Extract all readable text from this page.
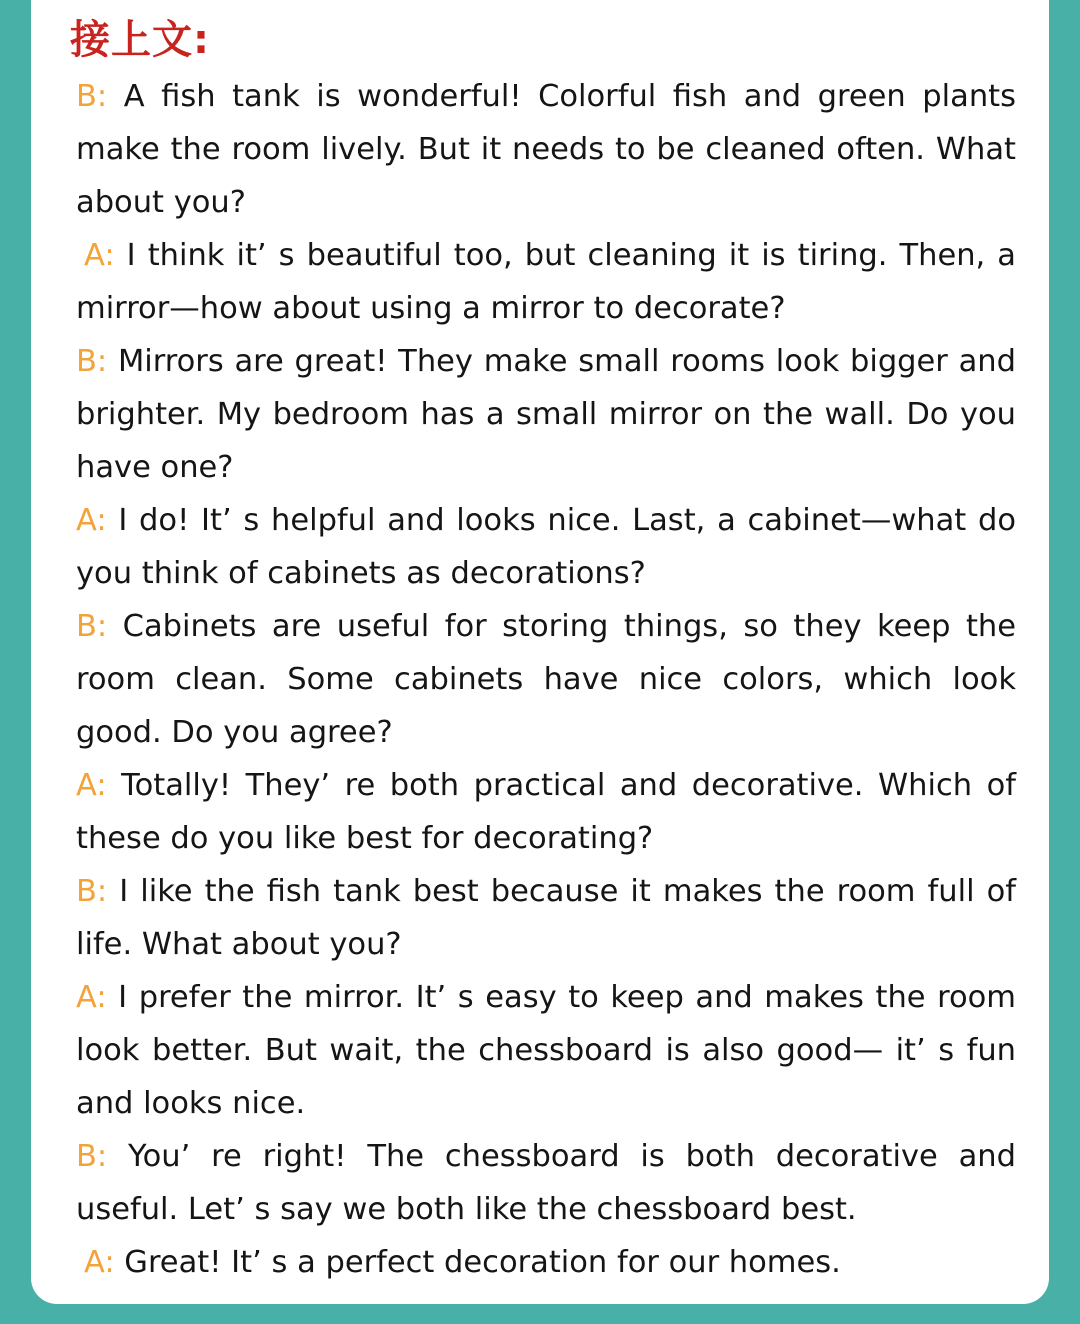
接上文:

B: A fish tank is wonderful! Colorful fish and green plants make the room lively. But it needs to be cleaned often. What about you?

A: I think it’ s beautiful too, but cleaning it is tiring. Then, a mirror—how about using a mirror to decorate?

B: Mirrors are great! They make small rooms look bigger and brighter. My bedroom has a small mirror on the wall. Do you have one?

A: I do! It’ s helpful and looks nice. Last, a cabinet—what do you think of cabinets as decorations?

B: Cabinets are useful for storing things, so they keep the room clean. Some cabinets have nice colors, which look good. Do you agree?

A: Totally! They’ re both practical and decorative. Which of these do you like best for decorating?

B: I like the fish tank best because it makes the room full of life. What about you?

A: I prefer the mirror. It’ s easy to keep and makes the room look better. But wait, the chessboard is also good— it’ s fun and looks nice.

B: You’ re right! The chessboard is both decorative and useful. Let’ s say we both like the chessboard best.

A: Great! It’ s a perfect decoration for our homes.
